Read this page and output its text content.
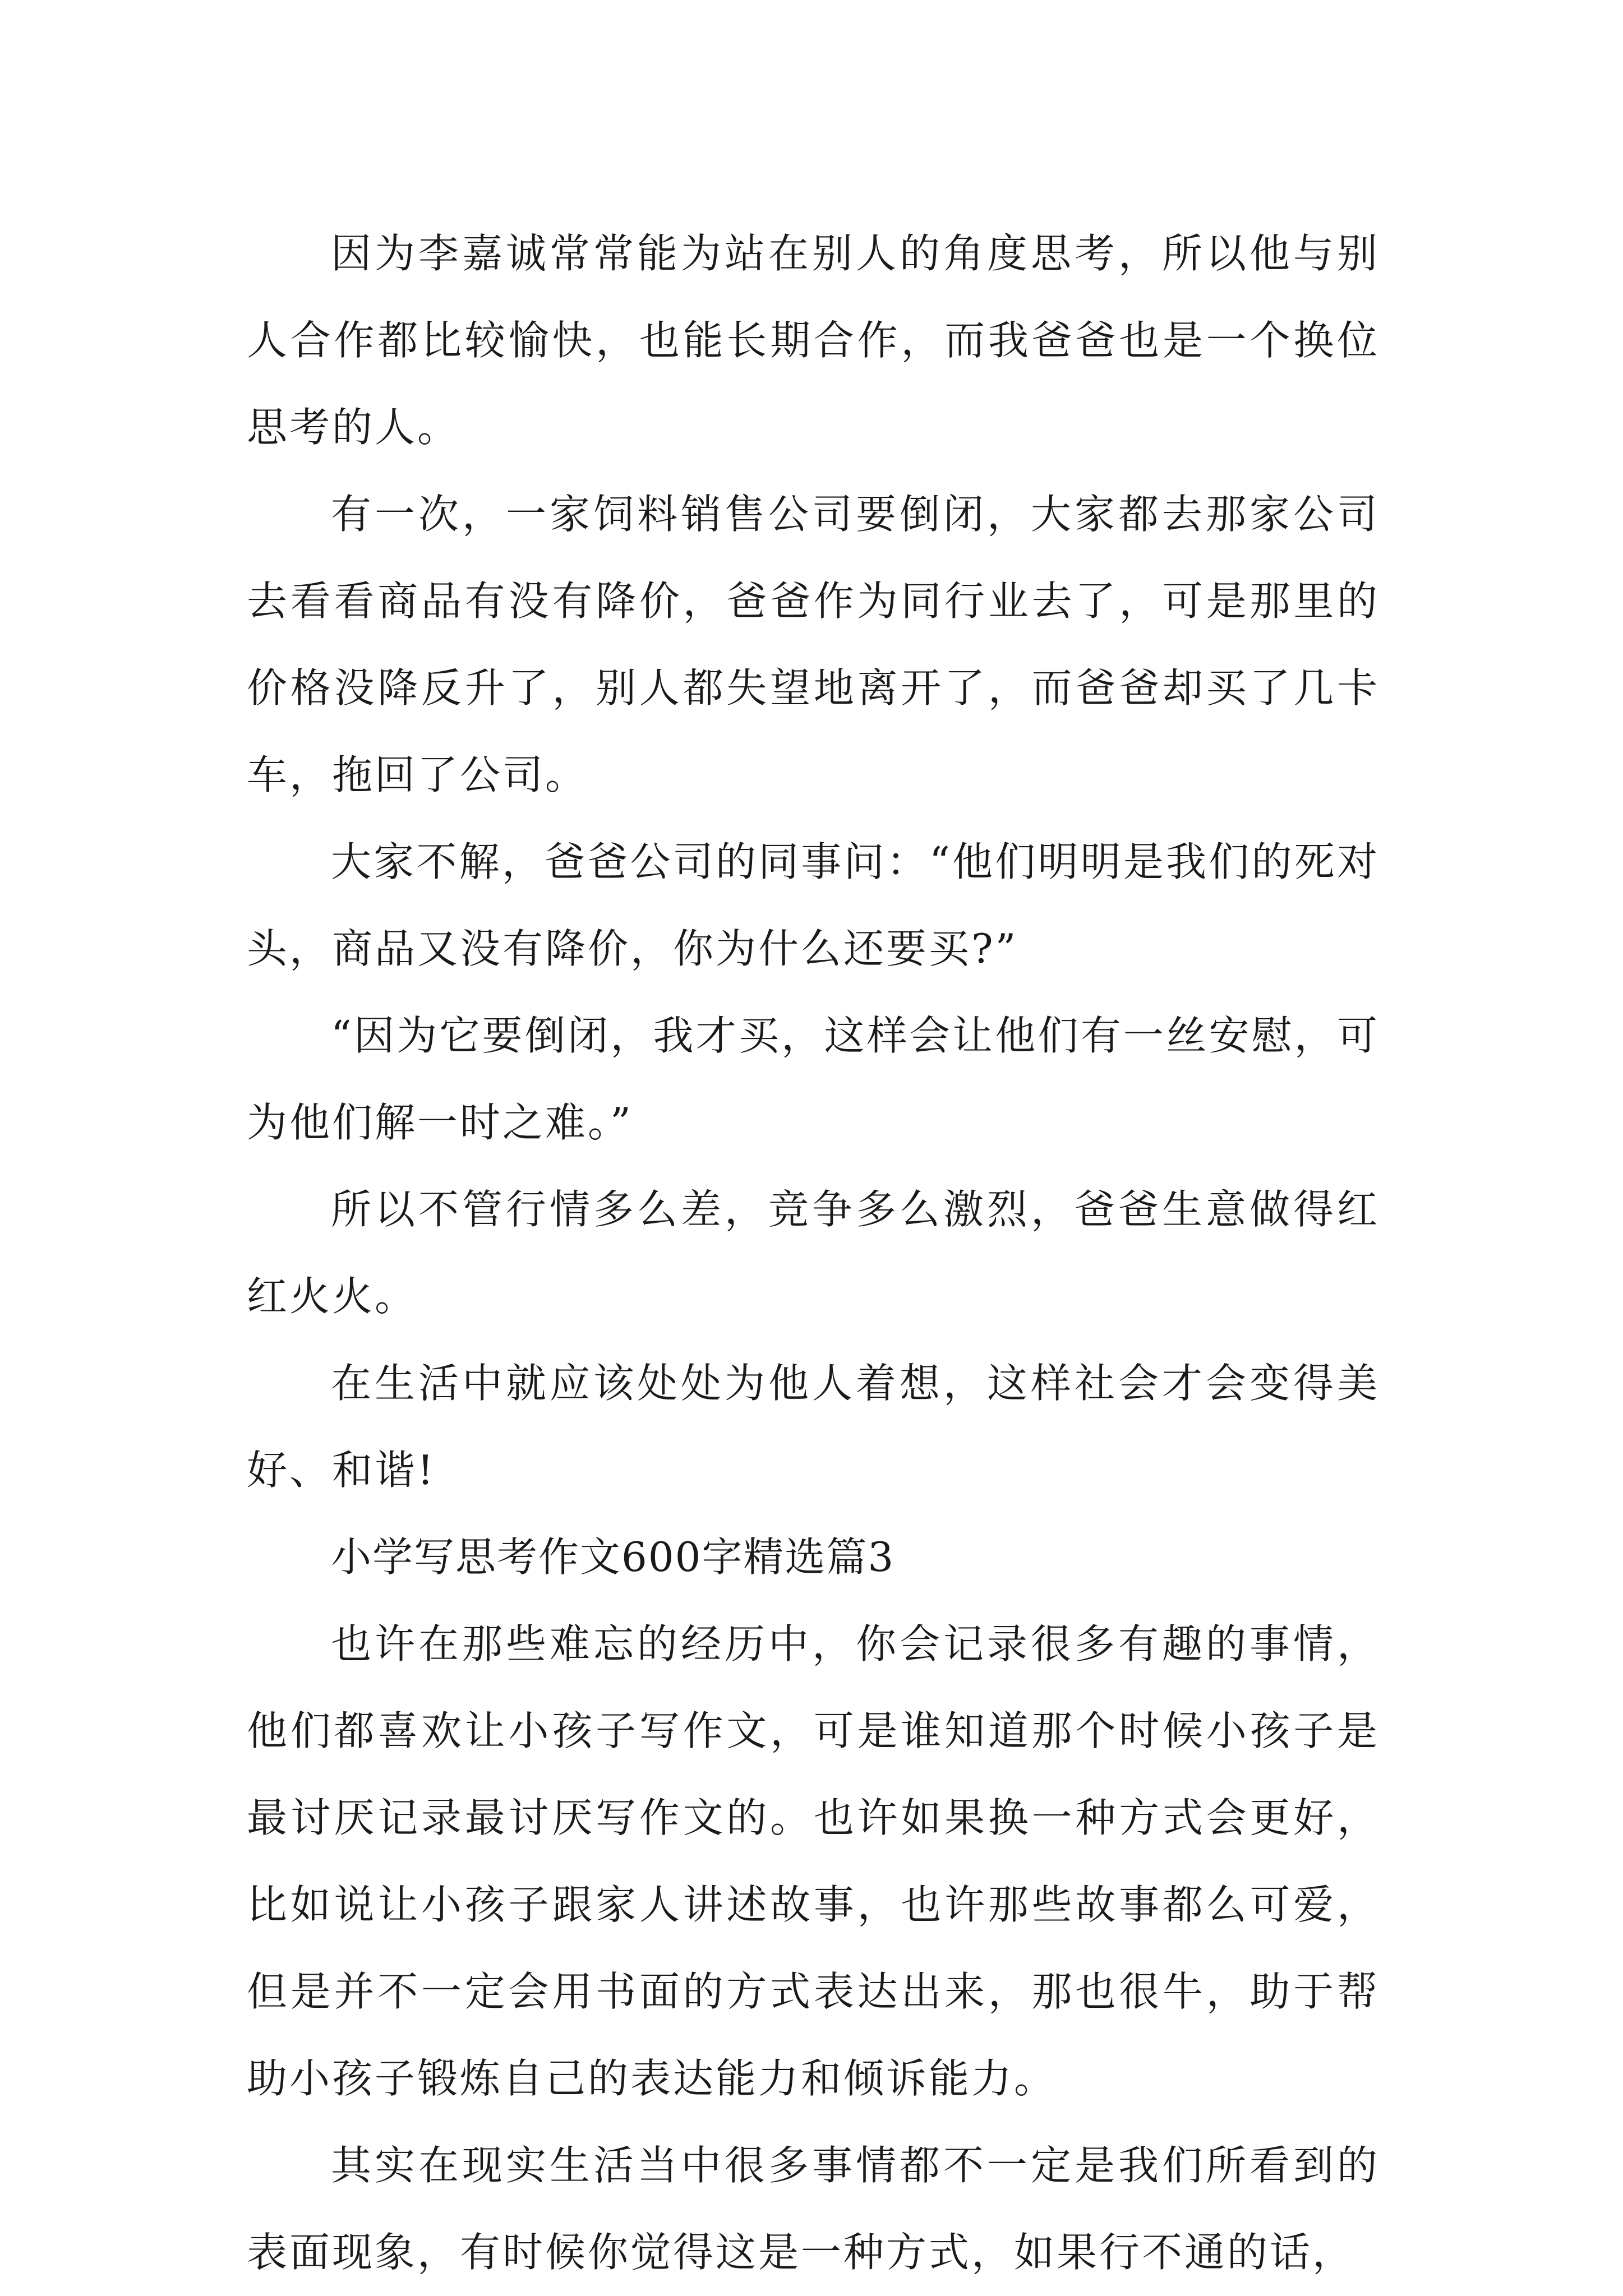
因为李嘉诚常常能为站在别人的角度思考，所以他与别人合作都比较愉快，也能长期合作，而我爸爸也是一个换位思考的人。

有一次，一家饲料销售公司要倒闭，大家都去那家公司去看看商品有没有降价，爸爸作为同行业去了，可是那里的价格没降反升了，别人都失望地离开了，而爸爸却买了几卡车，拖回了公司。

大家不解，爸爸公司的同事问：“他们明明是我们的死对头，商品又没有降价，你为什么还要买?”

“因为它要倒闭，我才买，这样会让他们有一丝安慰，可为他们解一时之难。”

所以不管行情多么差，竞争多么激烈，爸爸生意做得红红火火。

在生活中就应该处处为他人着想，这样社会才会变得美好、和谐!

小学写思考作文600字精选篇3

也许在那些难忘的经历中，你会记录很多有趣的事情，他们都喜欢让小孩子写作文，可是谁知道那个时候小孩子是最讨厌记录最讨厌写作文的。也许如果换一种方式会更好，比如说让小孩子跟家人讲述故事，也许那些故事都么可爱，但是并不一定会用书面的方式表达出来，那也很牛，助于帮助小孩子锻炼自己的表达能力和倾诉能力。

其实在现实生活当中很多事情都不一定是我们所看到的表面现象，有时候你觉得这是一种方式，如果行不通的话，
